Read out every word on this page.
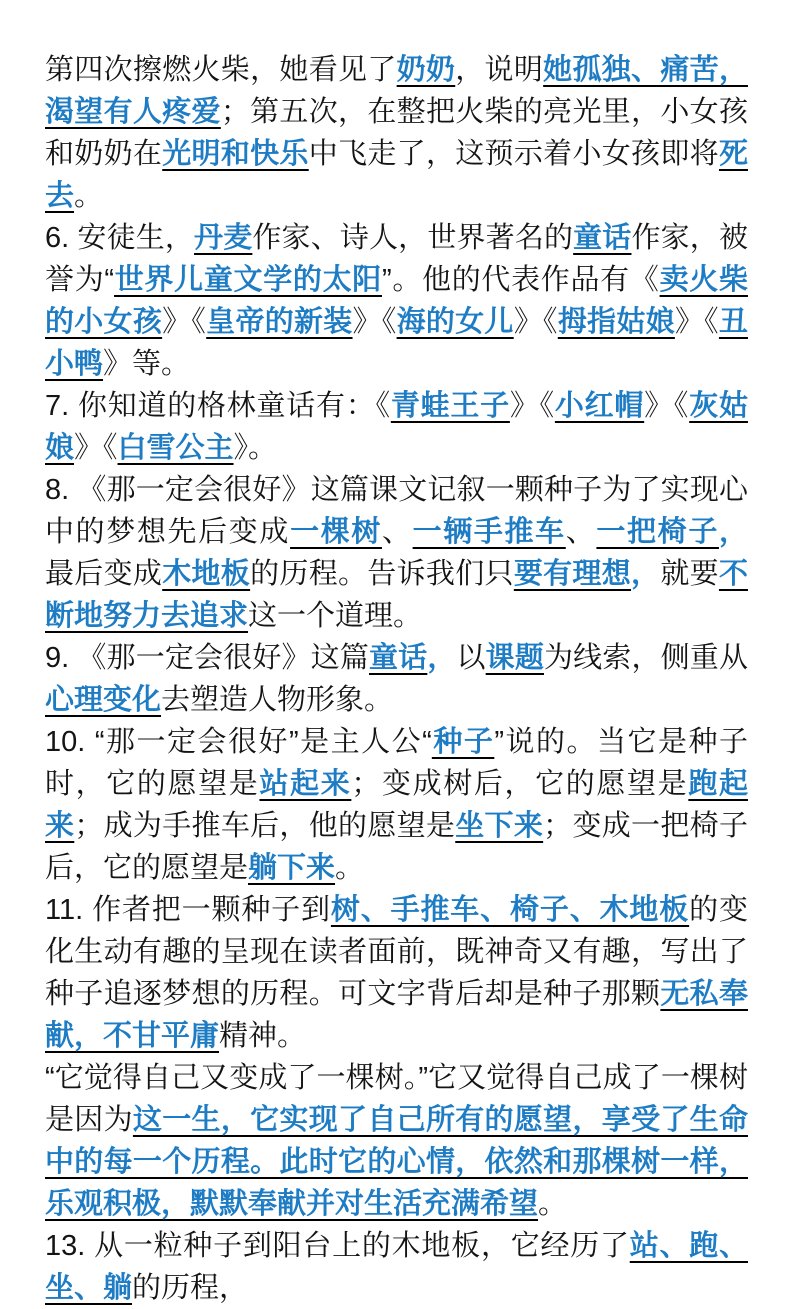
第四次擦燃火柴，她看见了奶奶，说明她孤独、痛苦，渴望有人疼爱；第五次，在整把火柴的亮光里，小女孩和奶奶在光明和快乐中飞走了，这预示着小女孩即将死去。

6. 安徒生，丹麦作家、诗人，世界著名的童话作家，被誉为“世界儿童文学的太阳”。他的代表作品有《卖火柴的小女孩》《皇帝的新装》《海的女儿》《拇指姑娘》《丑小鸭》等。

7. 你知道的格林童话有：《青蛙王子》《小红帽》《灰姑娘》《白雪公主》。

8. 《那一定会很好》这篇课文记叙一颗种子为了实现心中的梦想先后变成一棵树、一辆手推车、一把椅子， 最后变成木地板的历程。告诉我们只要有理想，就要不断地努力去追求这一个道理。

9. 《那一定会很好》这篇童话，以课题为线索，侧重从心理变化去塑造人物形象。

10. “那一定会很好”是主人公“种子”说的。当它是种子时，它的愿望是站起来；变成树后，它的愿望是跑起来；成为手推车后，他的愿望是坐下来；变成一把椅子后，它的愿望是躺下来。

11. 作者把一颗种子到树、手推车、椅子、木地板的变化生动有趣的呈现在读者面前，既神奇又有趣，写出了种子追逐梦想的历程。可文字背后却是种子那颗无私奉献，不甘平庸精神。

“它觉得自己又变成了一棵树。”它又觉得自己成了一棵树是因为这一生，它实现了自己所有的愿望，享受了生命中的每一个历程。此时它的心情，依然和那棵树一样，乐观积极，默默奉献并对生活充满希望。

13. 从一粒种子到阳台上的木地板，它经历了站、跑、坐、躺的历程，
